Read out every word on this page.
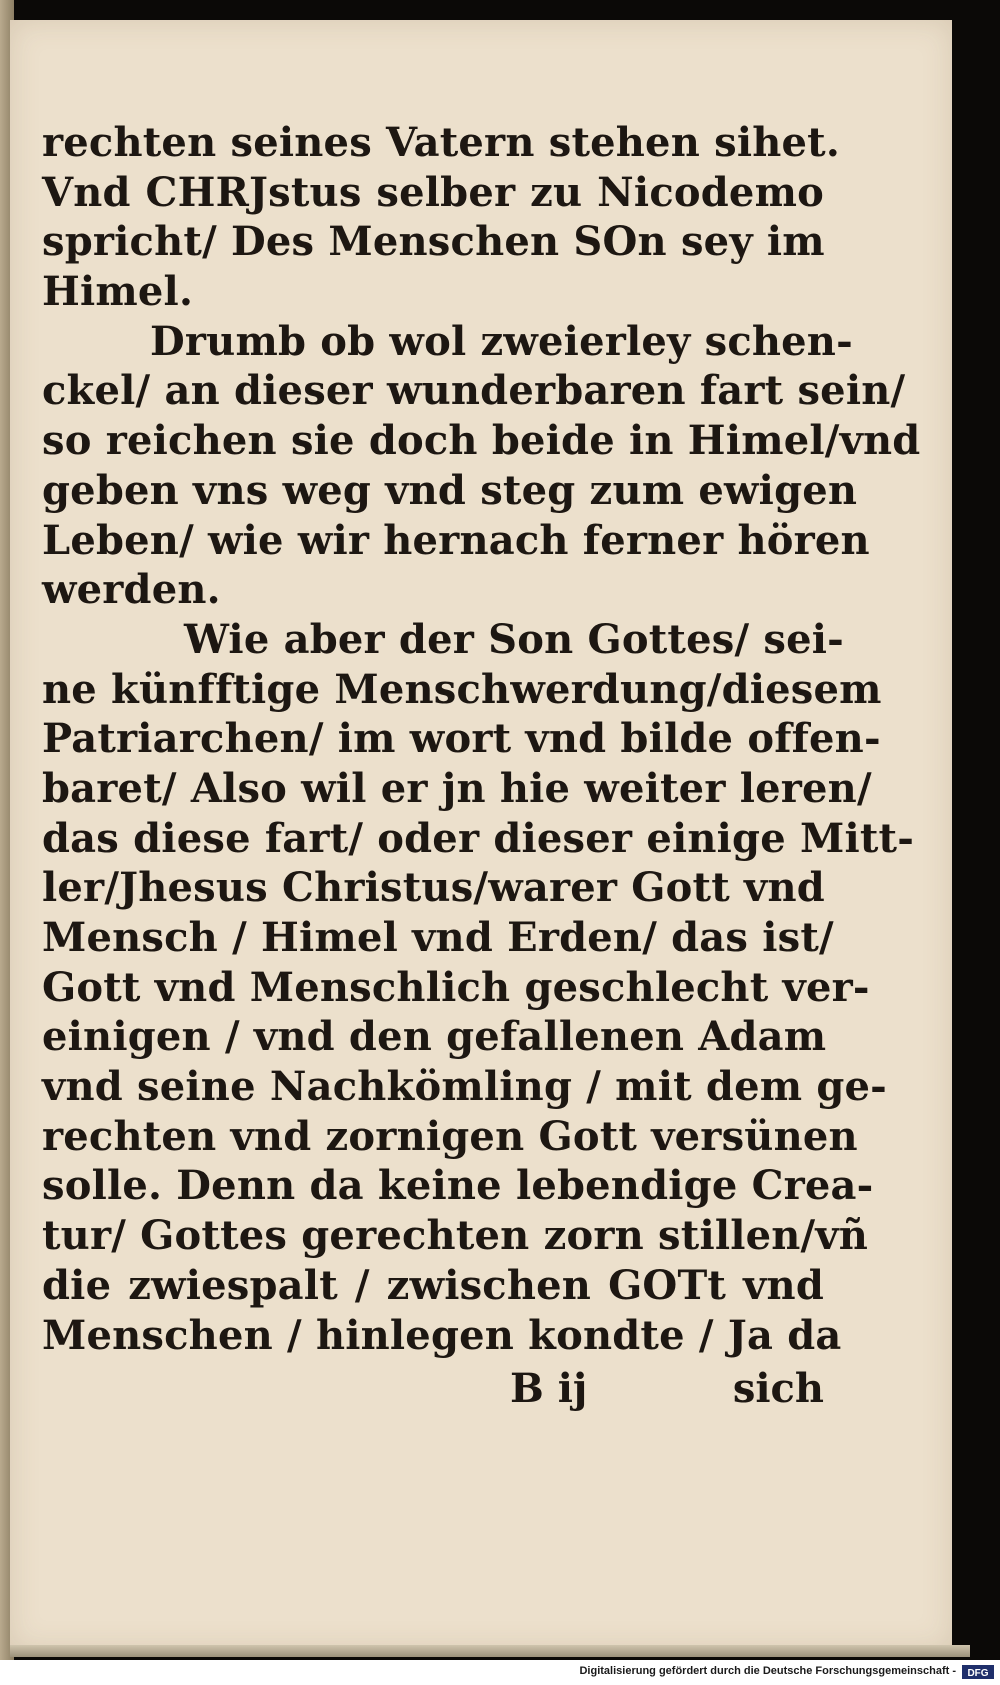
rechten seines Vatern stehen sihet.
Vnd CHRJstus selber zu Nicodemo
spricht/ Des Menschen SOn sey im
Himel.
Drumb ob wol zweierley schen-
ckel/ an dieser wunderbaren fart sein/
so reichen sie doch beide in Himel/vnd
geben vns weg vnd steg zum ewigen
Leben/ wie wir hernach ferner hören
werden.
Wie aber der Son Gottes/ sei-
ne künfftige Menschwerdung/diesem
Patriarchen/ im wort vnd bilde offen-
baret/ Also wil er jn hie weiter leren/
das diese fart/ oder dieser einige Mitt-
ler/Jhesus Christus/warer Gott vnd
Mensch / Himel vnd Erden/ das ist/
Gott vnd Menschlich geschlecht ver-
einigen / vnd den gefallenen Adam
vnd seine Nachkömling / mit dem ge-
rechten vnd zornigen Gott versünen
solle. Denn da keine lebendige Crea-
tur/ Gottes gerechten zorn stillen/vñ
die zwiespalt / zwischen GOTt vnd
Menschen / hinlegen kondte / Ja da
B ij	sich
Digitalisierung gefördert durch die Deutsche Forschungsgemeinschaft - DFG
